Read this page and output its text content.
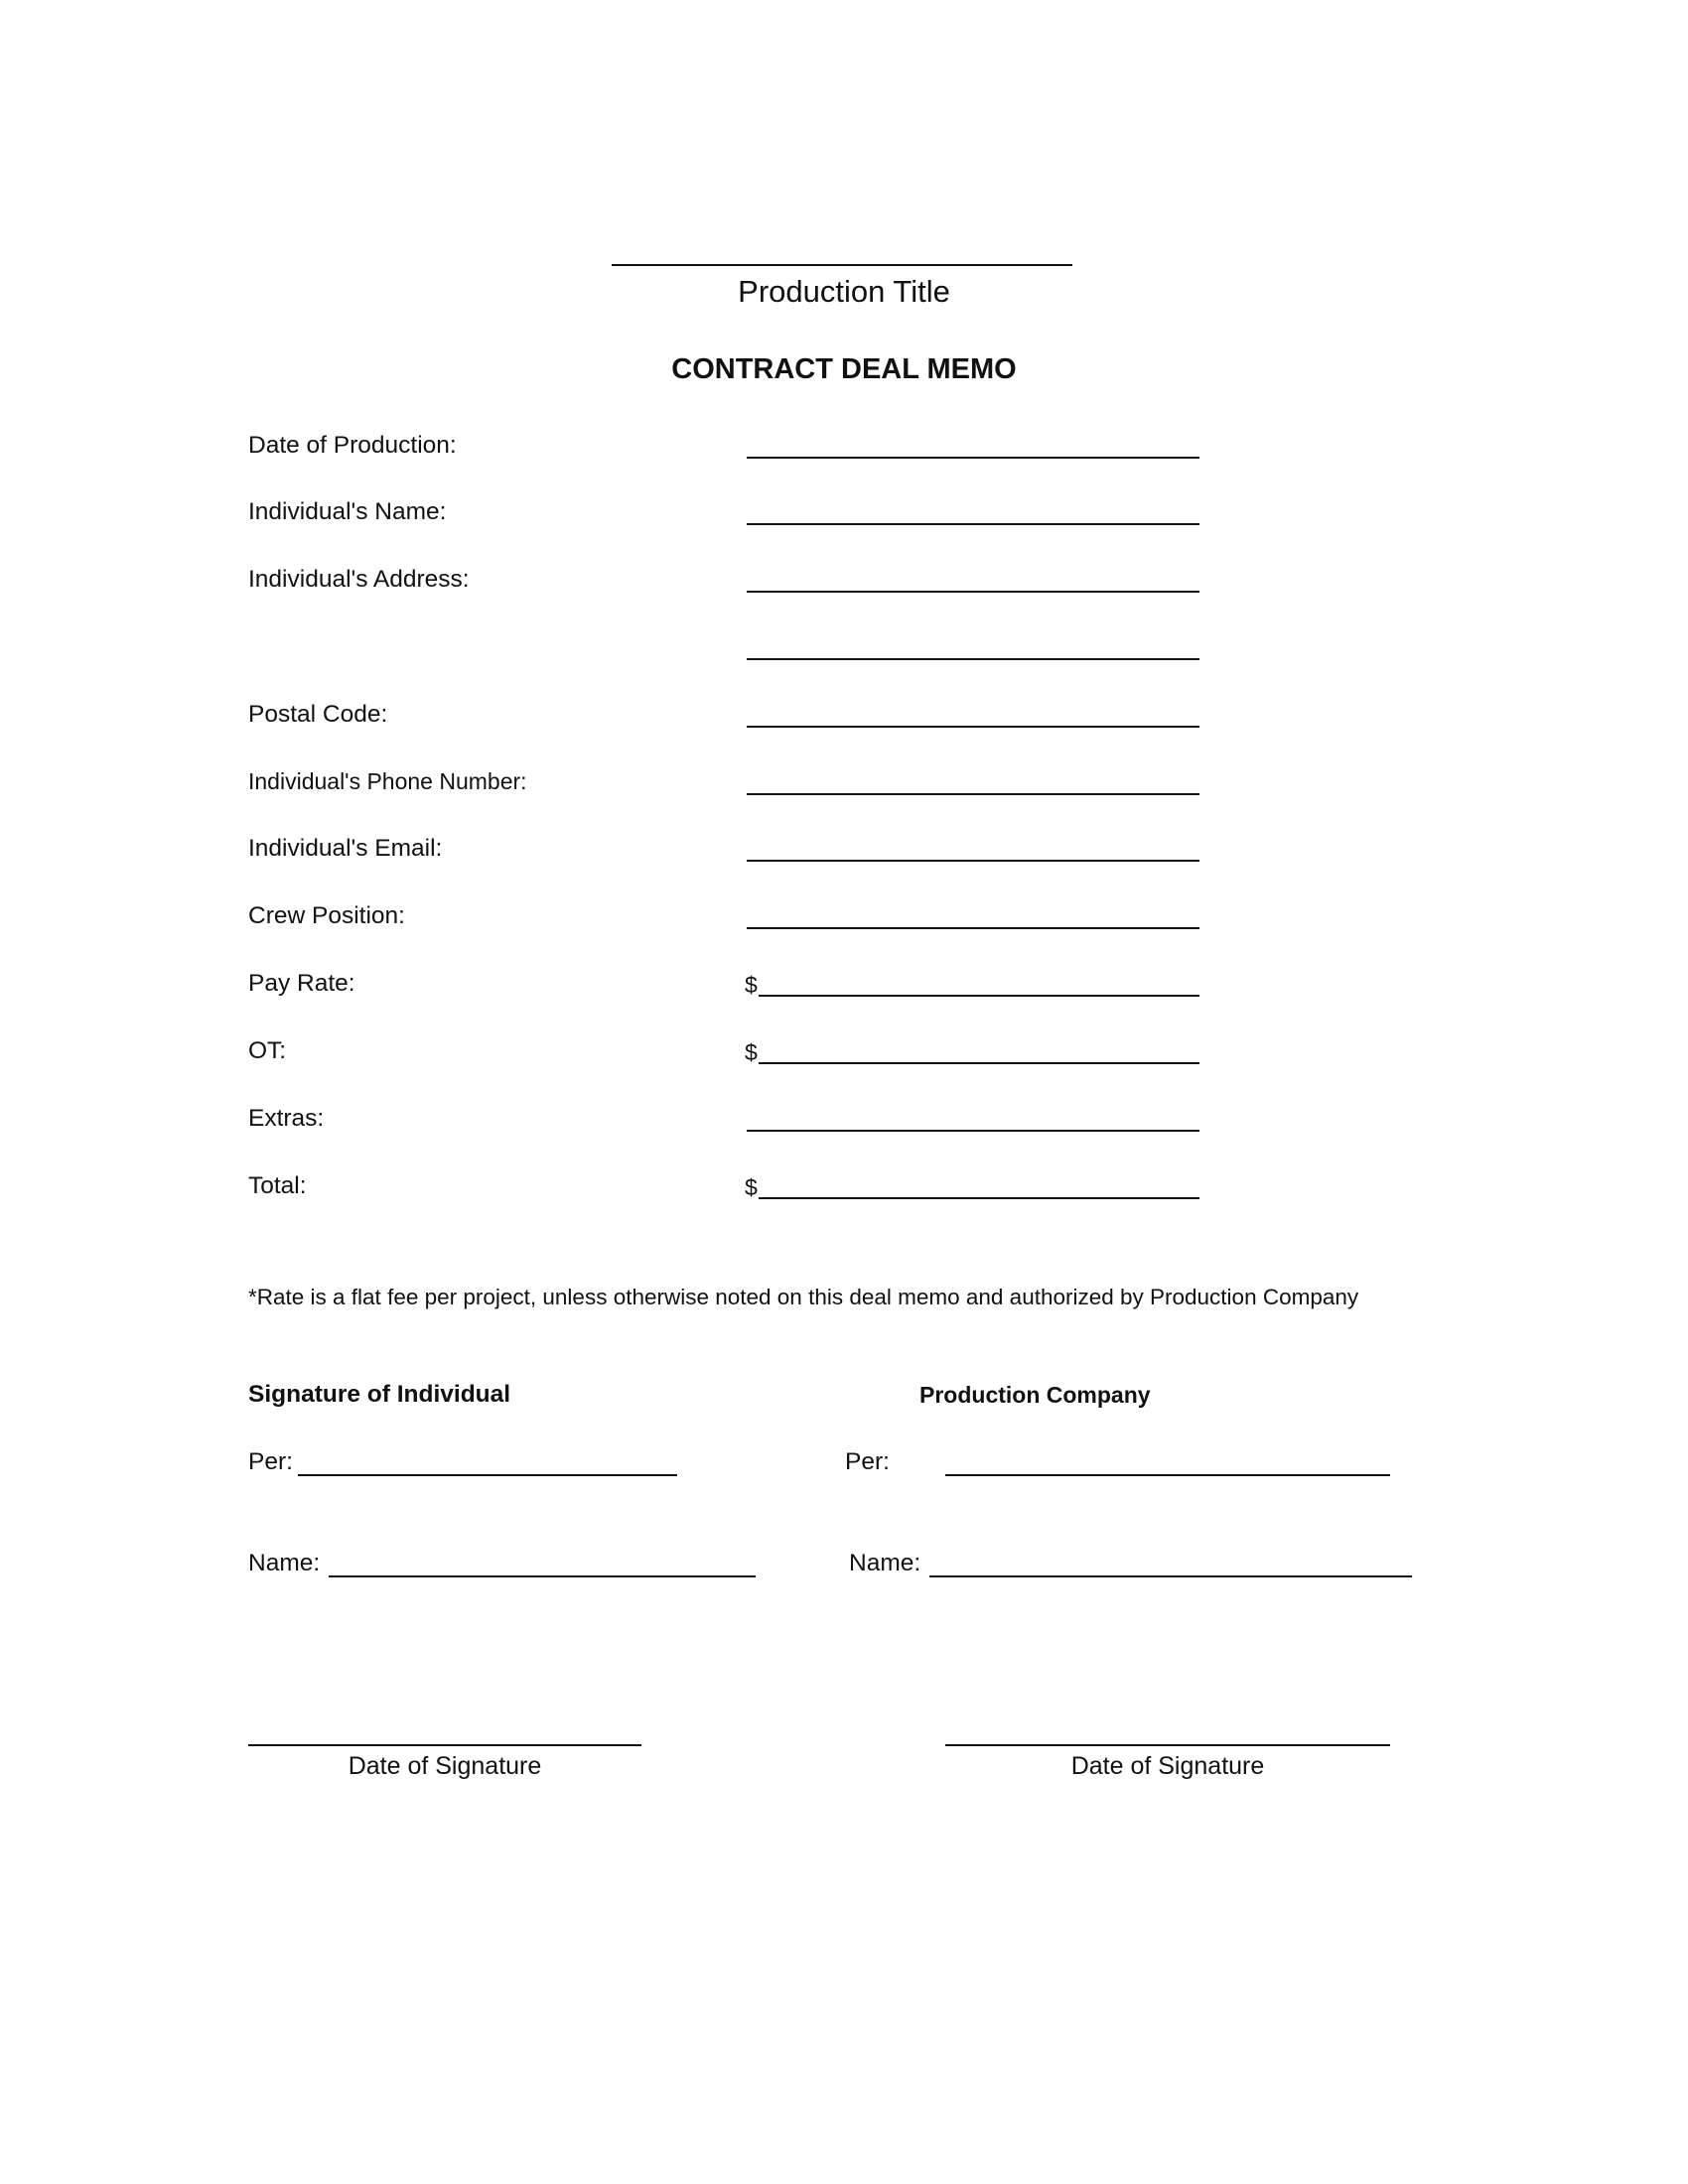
Production Title
CONTRACT DEAL MEMO
Date of Production:
Individual's Name:
Individual's Address:
Postal Code:
Individual's Phone Number:
Individual's Email:
Crew Position:
Pay Rate:	$
OT:	$
Extras:
Total:	$
*Rate is a flat fee per project, unless otherwise noted on this deal memo and authorized by Production Company
Signature of Individual
Per:
Name:
Date of Signature
Production Company
Per:
Name:
Date of Signature
